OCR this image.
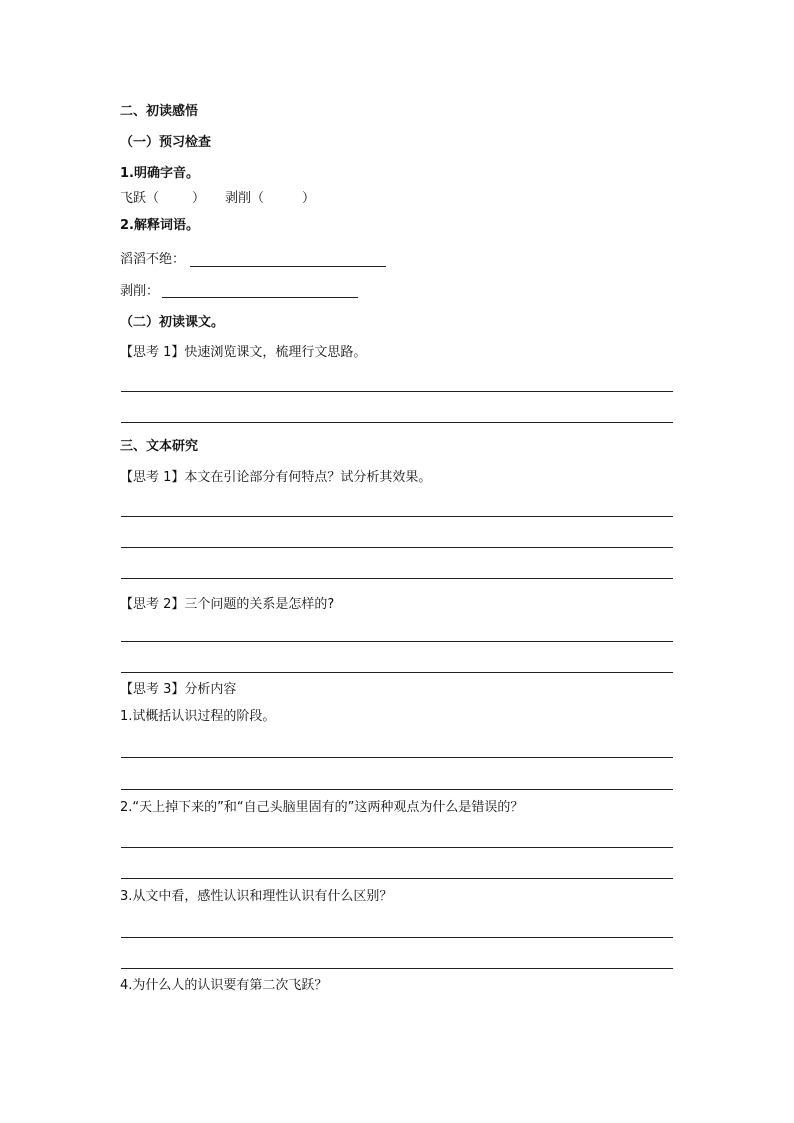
二、初读感悟
（一）预习检查
1.明确字音。
飞跃（	） 剥削（	）
2.解释词语。
滔滔不绝：
剥削：
（二）初读课文。
【思考 1】快速浏览课文，梳理行文思路。
三、文本研究
【思考 1】本文在引论部分有何特点？试分析其效果。
【思考 2】三个问题的关系是怎样的?
【思考 3】分析内容
1.试概括认识过程的阶段。
2.“天上掉下来的”和“自己头脑里固有的”这两种观点为什么是错误的？
3.从文中看，感性认识和理性认识有什么区别？
4.为什么人的认识要有第二次飞跃？
